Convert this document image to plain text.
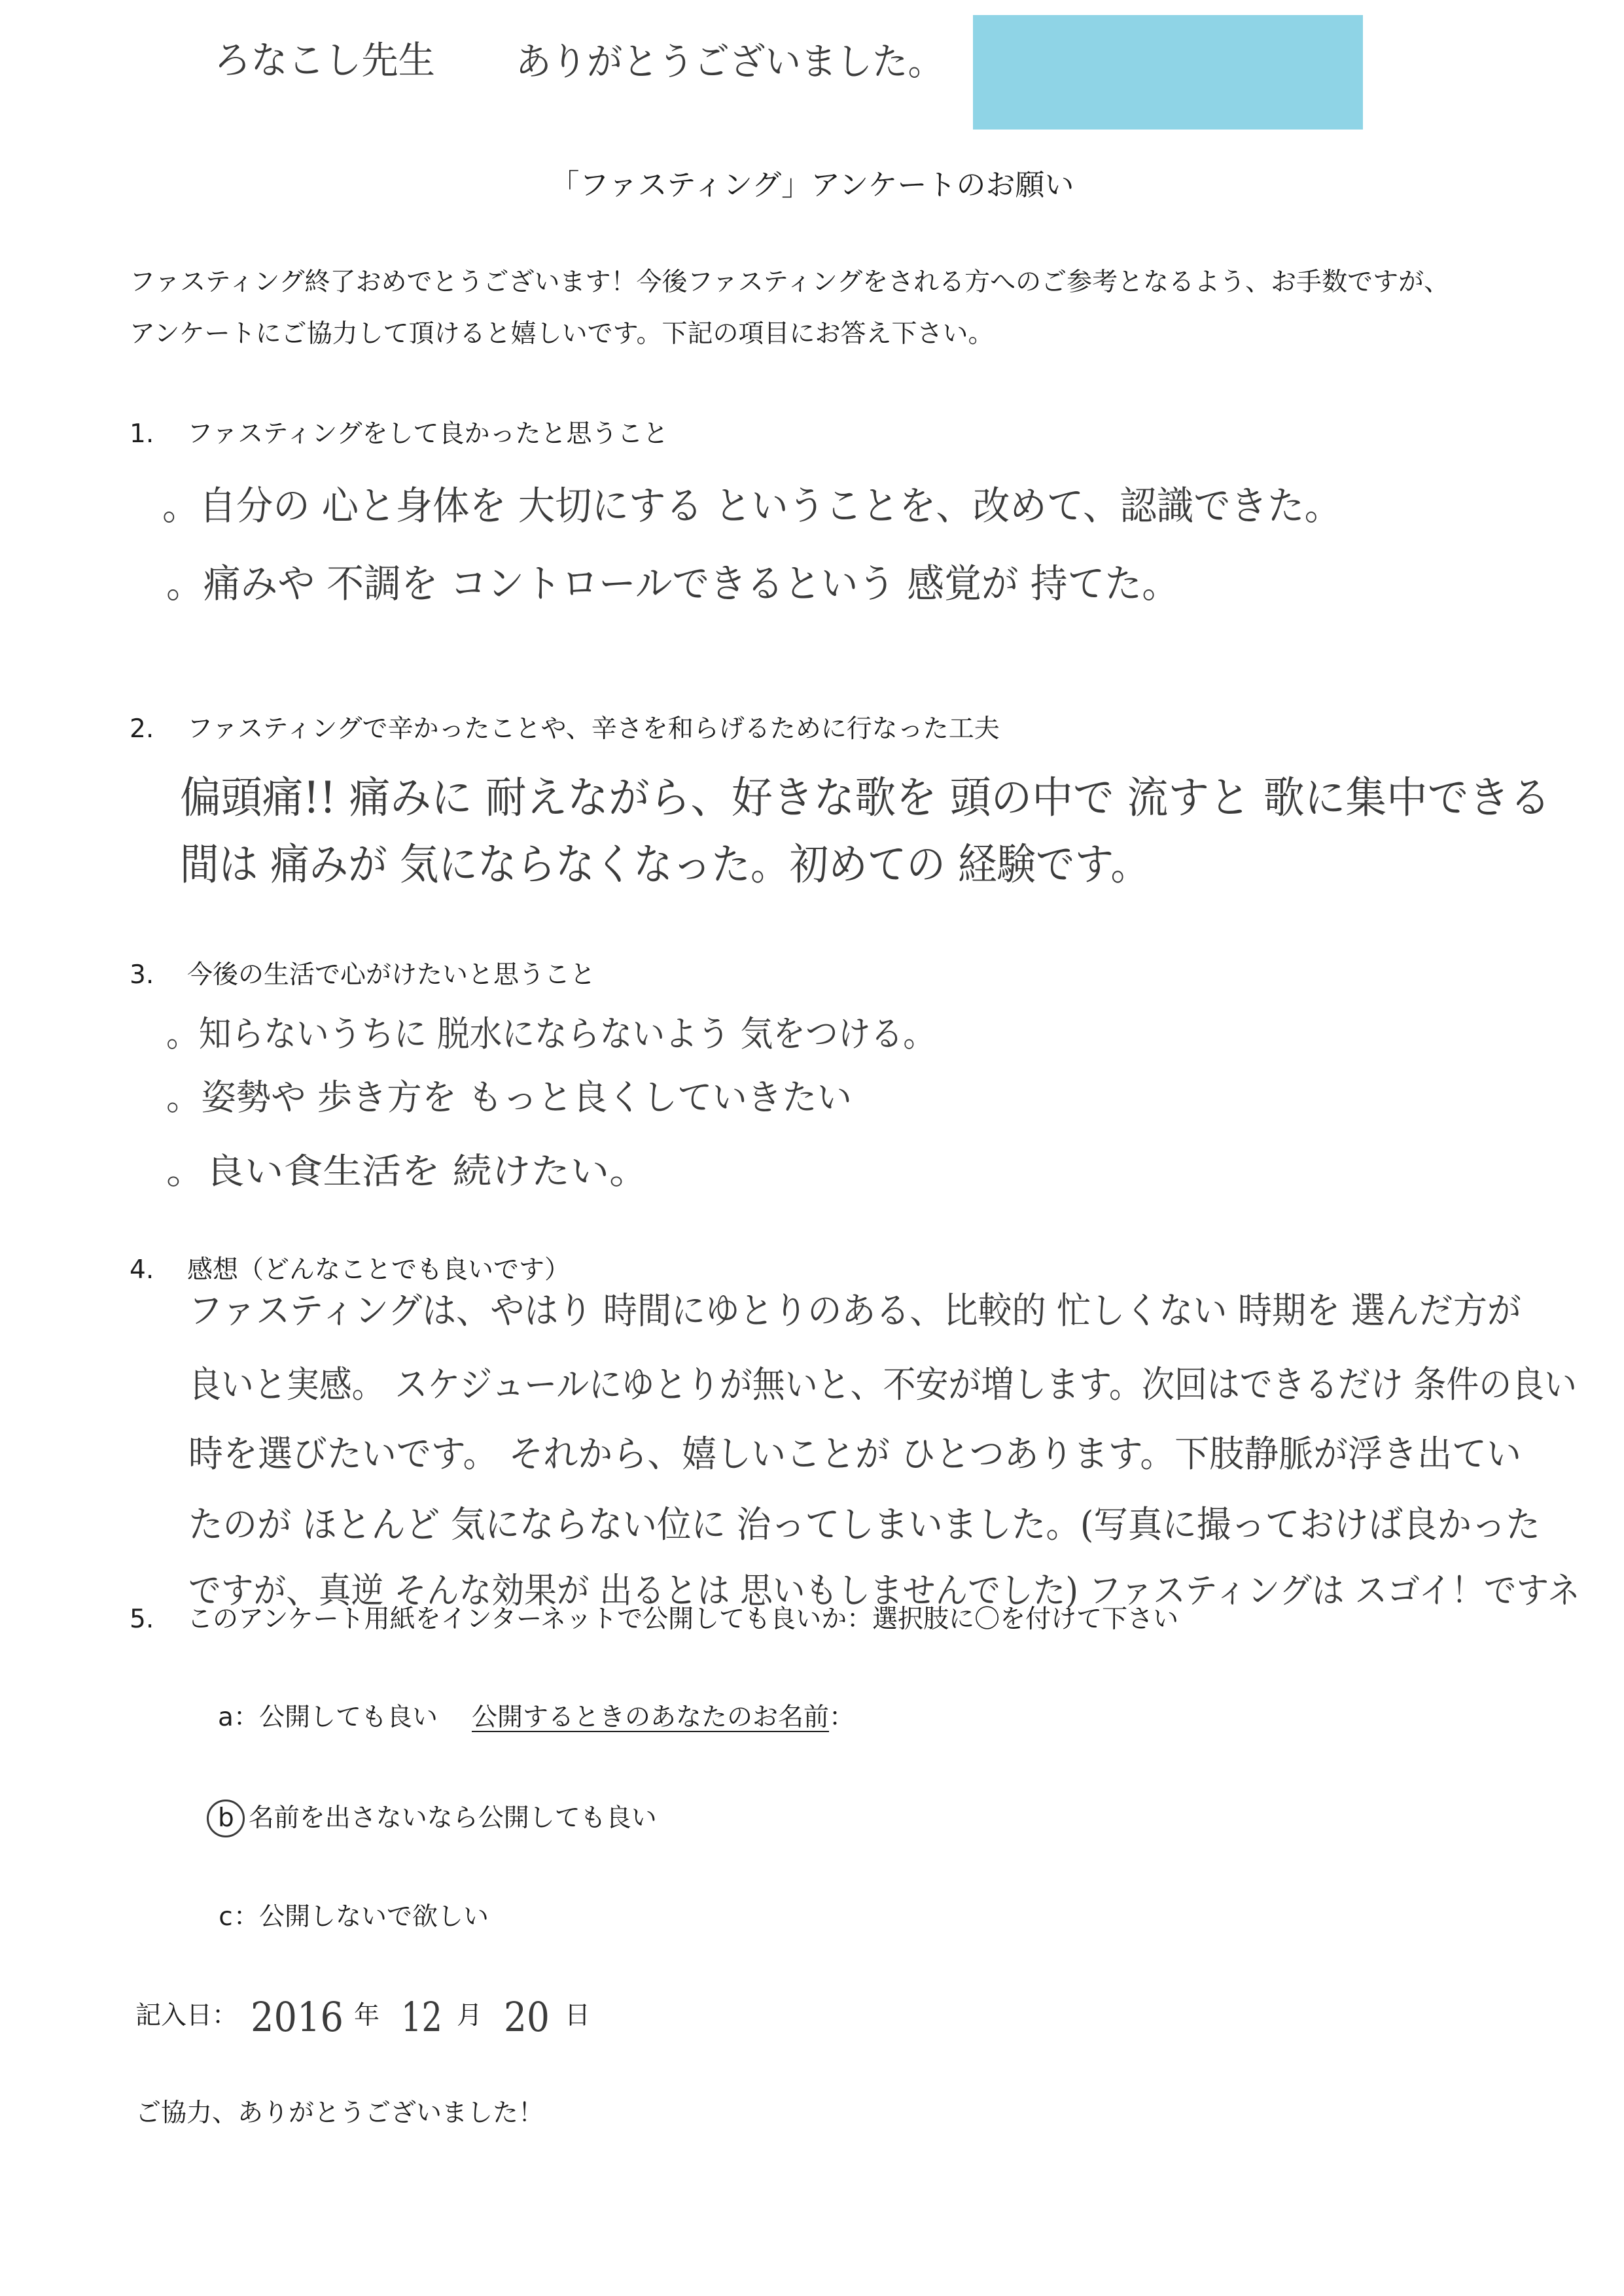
「ファスティング」アンケートのお願い
ファスティング終了おめでとうございます！今後ファスティングをされる方へのご参考となるよう、お手数ですが、
アンケートにご協力して頂けると嬉しいです。下記の項目にお答え下さい。
1. ファスティングをして良かったと思うこと
2. ファスティングで辛かったことや、辛さを和らげるために行なった工夫
3. 今後の生活で心がけたいと思うこと
4. 感想（どんなことでも良いです）
5. このアンケート用紙をインターネットで公開しても良いか：選択肢に〇を付けて下さい
a：公開しても良い 公開するときのあなたのお名前：
b 名前を出さないなら公開しても良い
c：公開しないで欲しい
記入日：	年	月	日
ご協力、ありがとうございました！
ろなこし先生 ありがとうございました。
。自分の 心と身体を 大切にする ということを、改めて、認識できた。
。痛みや 不調を コントロールできるという 感覚が 持てた。
偏頭痛!! 痛みに 耐えながら、好きな歌を 頭の中で 流すと 歌に集中できる
間は 痛みが 気にならなくなった。初めての 経験です。
。知らないうちに 脱水にならないよう 気をつける。
。姿勢や 歩き方を もっと良くしていきたい
。良い食生活を 続けたい。
ファスティングは、やはり 時間にゆとりのある、比較的 忙しくない 時期を 選んだ方が
良いと実感。 スケジュールにゆとりが無いと、不安が増します。次回はできるだけ 条件の良い
時を選びたいです。 それから、嬉しいことが ひとつあります。下肢静脈が浮き出てい
たのが ほとんど 気にならない位に 治ってしまいました。(写真に撮っておけば良かった
ですが、真逆 そんな効果が 出るとは 思いもしませんでした) ファスティングは スゴイ！ですネ
2016 12 20
